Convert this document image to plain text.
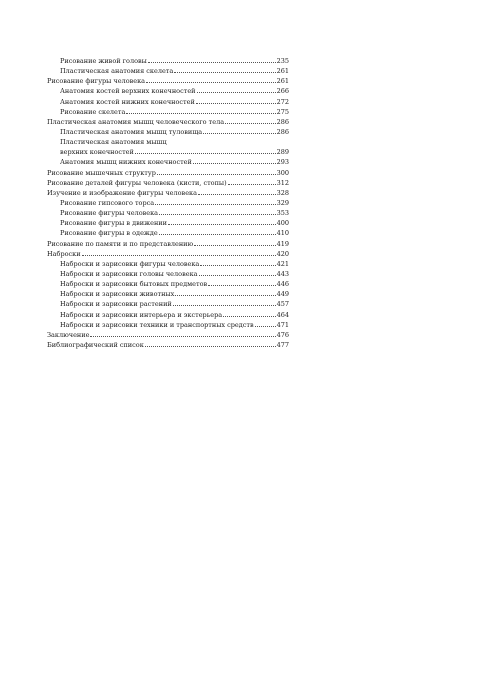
Рисование живой головы	235
Пластическая анатомия скелета	261
Рисование фигуры человека	261
Анатомия костей верхних конечностей	266
Анатомия костей нижних конечностей	272
Рисование скелета	275
Пластическая анатомия мышц человеческого тела	286
Пластическая анатомия мышц туловища	286
Пластическая анатомия мышц
верхних конечностей	289
Анатомия мышц нижних конечностей	293
Рисование мышечных структур	300
Рисование деталей фигуры человека (кисти, стопы)	312
Изучение и изображение фигуры человека	328
Рисование гипсового торса	329
Рисование фигуры человека	353
Рисование фигуры в движении	400
Рисование фигуры в одежде	410
Рисование по памяти и по представлению	419
Наброски	420
Наброски и зарисовки фигуры человека	421
Наброски и зарисовки головы человека	443
Наброски и зарисовки бытовых предметов	446
Наброски и зарисовки животных	449
Наброски и зарисовки растений	457
Наброски и зарисовки интерьера и экстерьера	464
Наброски и зарисовки техники и транспортных средств	471
Заключение	476
Библиографический список	477
